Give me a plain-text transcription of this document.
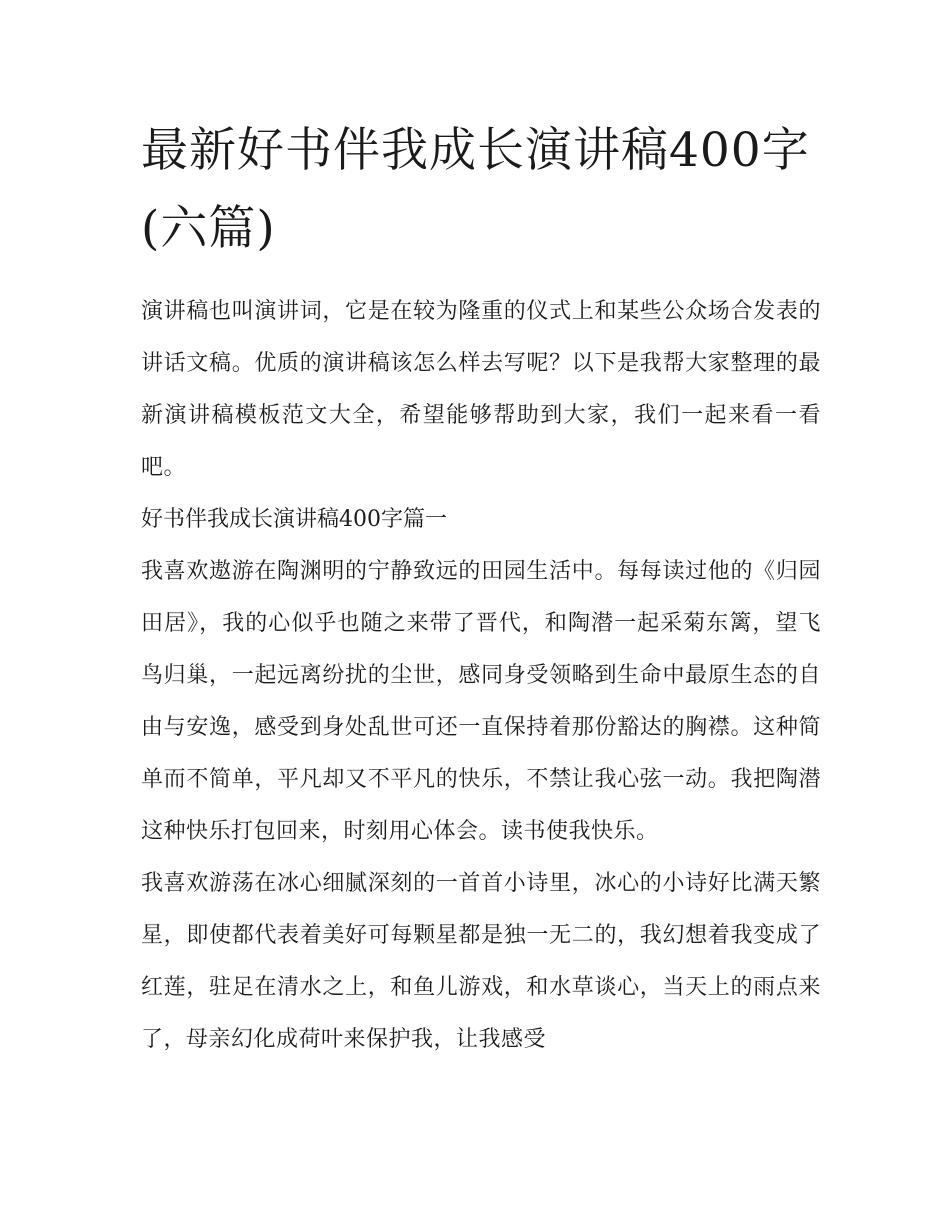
最新好书伴我成长演讲稿400字(六篇)

演讲稿也叫演讲词，它是在较为隆重的仪式上和某些公众场合发表的讲话文稿。优质的演讲稿该怎么样去写呢？以下是我帮大家整理的最新演讲稿模板范文大全，希望能够帮助到大家，我们一起来看一看吧。

好书伴我成长演讲稿400字篇一

我喜欢遨游在陶渊明的宁静致远的田园生活中。每每读过他的《归园田居》，我的心似乎也随之来带了晋代，和陶潜一起采菊东篱，望飞鸟归巢，一起远离纷扰的尘世，感同身受领略到生命中最原生态的自由与安逸，感受到身处乱世可还一直保持着那份豁达的胸襟。这种简单而不简单，平凡却又不平凡的快乐，不禁让我心弦一动。我把陶潜这种快乐打包回来，时刻用心体会。读书使我快乐。

我喜欢游荡在冰心细腻深刻的一首首小诗里，冰心的小诗好比满天繁星，即使都代表着美好可每颗星都是独一无二的，我幻想着我变成了红莲，驻足在清水之上，和鱼儿游戏，和水草谈心，当天上的雨点来了，母亲幻化成荷叶来保护我，让我感受
